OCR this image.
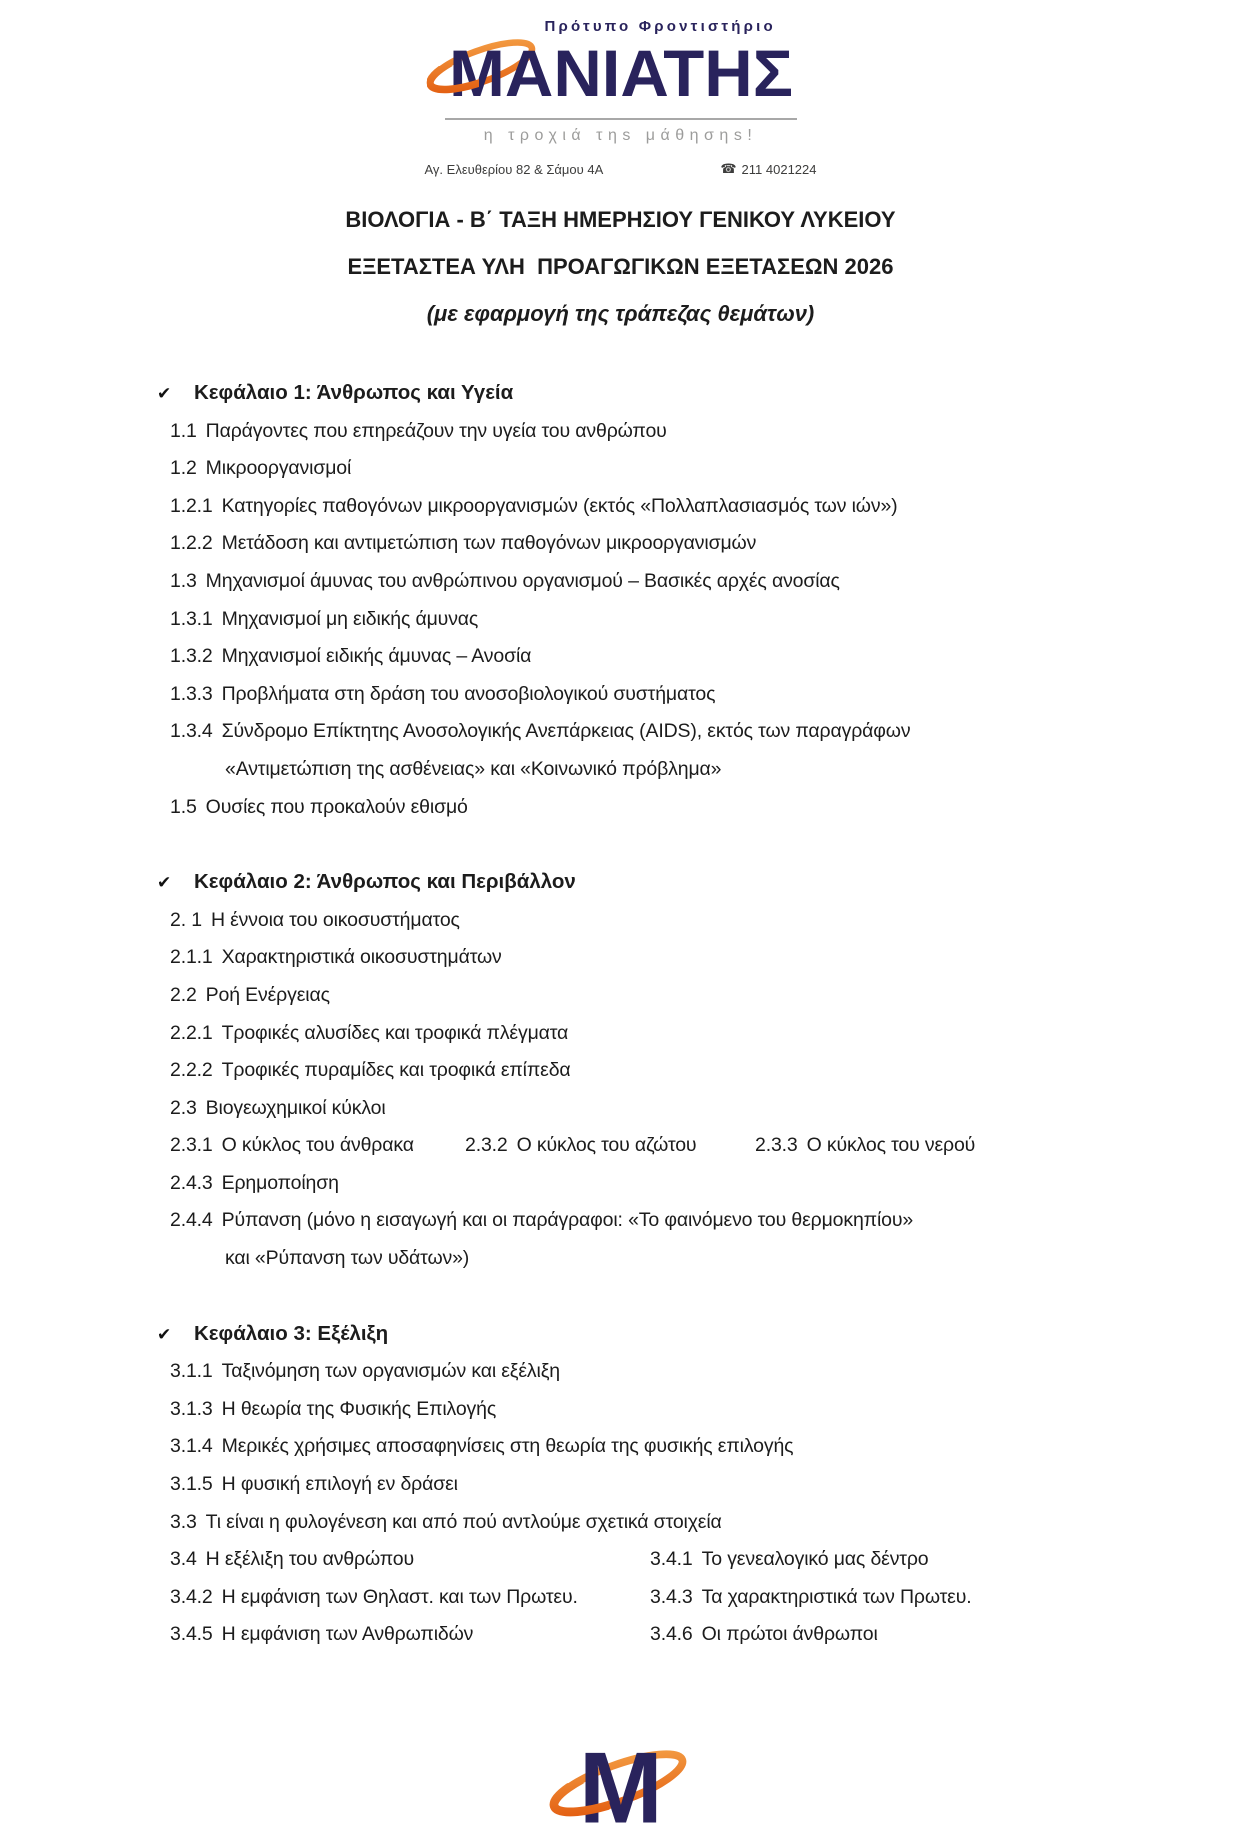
ΜΑΝΙΑΤΗΣ
Πρότυπο Φροντιστήριο
η τροχιά τηs μάθησηs!
Αγ. Ελευθερίου 82 & Σάμου 4Α	☎ 211 4021224
ΒΙΟΛΟΓΙΑ - Β΄ ΤΑΞΗ ΗΜΕΡΗΣΙΟΥ ΓΕΝΙΚΟΥ ΛΥΚΕΙΟΥ
ΕΞΕΤΑΣΤΕΑ ΥΛΗ  ΠΡΟΑΓΩΓΙΚΩΝ ΕΞΕΤΑΣΕΩΝ 2026
(με εφαρμογή της τράπεζας θεμάτων)
✔	Κεφάλαιο 1: Άνθρωπος και Υγεία
1.1 Παράγοντες που επηρεάζουν την υγεία του ανθρώπου
1.2 Μικροοργανισμοί
1.2.1 Κατηγορίες παθογόνων μικροοργανισμών (εκτός «Πολλαπλασιασμός των ιών»)
1.2.2 Μετάδοση και αντιμετώπιση των παθογόνων μικροοργανισμών
1.3 Μηχανισμοί άμυνας του ανθρώπινου οργανισμού – Βασικές αρχές ανοσίας
1.3.1 Μηχανισμοί μη ειδικής άμυνας
1.3.2 Μηχανισμοί ειδικής άμυνας – Ανοσία
1.3.3 Προβλήματα στη δράση του ανοσοβιολογικού συστήματος
1.3.4 Σύνδρομο Επίκτητης Ανοσολογικής Ανεπάρκειας (AIDS), εκτός των παραγράφων
«Αντιμετώπιση της ασθένειας» και «Κοινωνικό πρόβλημα»
1.5 Ουσίες που προκαλούν εθισμό
✔	Κεφάλαιο 2: Άνθρωπος και Περιβάλλον
2. 1 Η έννοια του οικοσυστήματος
2.1.1 Χαρακτηριστικά οικοσυστημάτων
2.2 Ροή Ενέργειας
2.2.1 Τροφικές αλυσίδες και τροφικά πλέγματα
2.2.2 Τροφικές πυραμίδες και τροφικά επίπεδα
2.3 Βιογεωχημικοί κύκλοι
2.3.1 Ο κύκλος του άνθρακα	2.3.2 Ο κύκλος του αζώτου	2.3.3 Ο κύκλος του νερού
2.4.3 Ερημοποίηση
2.4.4 Ρύπανση (μόνο η εισαγωγή και οι παράγραφοι: «Το φαινόμενο του θερμοκηπίου»
και «Ρύπανση των υδάτων»)
✔	Κεφάλαιο 3: Εξέλιξη
3.1.1 Ταξινόμηση των οργανισμών και εξέλιξη
3.1.3 Η θεωρία της Φυσικής Επιλογής
3.1.4 Μερικές χρήσιμες αποσαφηνίσεις στη θεωρία της φυσικής επιλογής
3.1.5 Η φυσική επιλογή εν δράσει
3.3 Τι είναι η φυλογένεση και από πού αντλούμε σχετικά στοιχεία
3.4 Η εξέλιξη του ανθρώπου	3.4.1 Το γενεαλογικό μας δέντρο
3.4.2 Η εμφάνιση των Θηλαστ. και των Πρωτευ.	3.4.3 Τα χαρακτηριστικά των Πρωτευ.
3.4.5 Η εμφάνιση των Ανθρωπιδών	3.4.6 Οι πρώτοι άνθρωποι
Μ
